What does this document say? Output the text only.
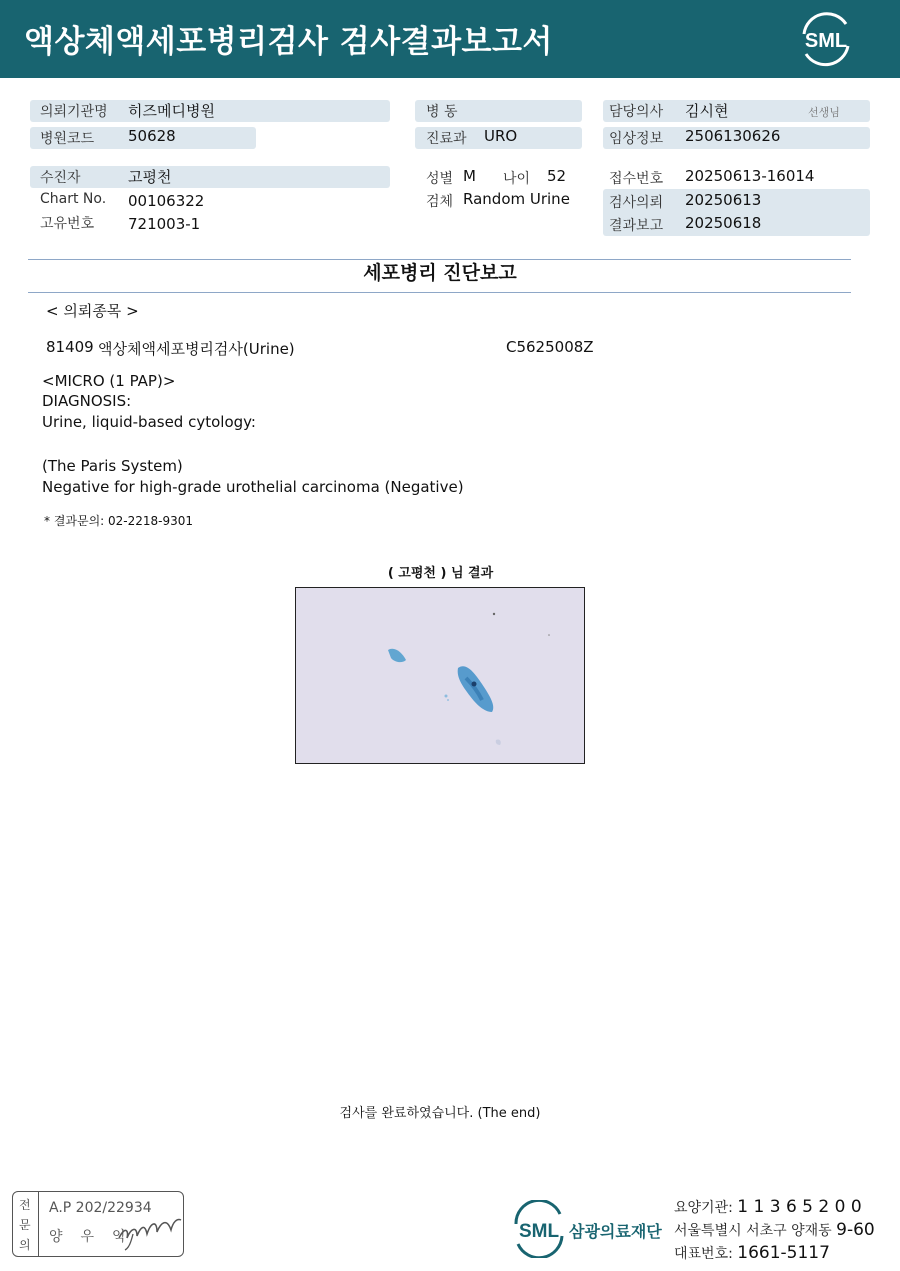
액상체액세포병리검사 검사결과보고서	SML
의뢰기관명 히즈메디병원
병원코드 50628
수진자	고평천
Chart No. 00106322
고유번호 721003-1
병 동
진료과 URO
성별 M 나이 52
검체 Random Urine
담당의사 김시현	선생님
임상정보 2506130626
접수번호 20250613-16014
검사의뢰 20250613
결과보고 20250618
세포병리 진단보고
< 의뢰종목 >
81409 액상체액세포병리검사(Urine)	C5625008Z
<MICRO (1 PAP)>
DIAGNOSIS:
Urine, liquid-based cytology:
(The Paris System)
Negative for high-grade urothelial carcinoma (Negative)
* 결과문의: 02-2218-9301
( 고평천 ) 님 결과
검사를 완료하였습니다. (The end)
전
문
의
A.P 202/22934
양우익	SML 삼광의료재단
요양기관: 1 1 3 6 5 2 0 0
서울특별시 서초구 양재동 9-60
대표번호: 1661-5117
